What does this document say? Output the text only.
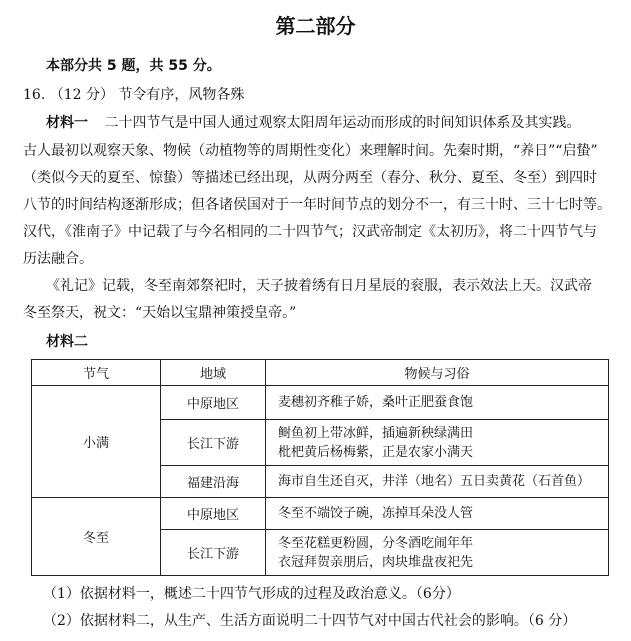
第二部分
本部分共 5 题，共 55 分。
16. （12 分） 节令有序，风物各殊
材料一 二十四节气是中国人通过观察太阳周年运动而形成的时间知识体系及其实践。
古人最初以观察天象、物候（动植物等的周期性变化）来理解时间。先秦时期，“养日”“启蛰”
（类似今天的夏至、惊蛰）等描述已经出现，从两分两至（春分、秋分、夏至、冬至）到四时
八节的时间结构逐渐形成；但各诸侯国对于一年时间节点的划分不一，有三十时、三十七时等。
汉代，《淮南子》中记载了与今名相同的二十四节气；汉武帝制定《太初历》，将二十四节气与
历法融合。
《礼记》记载，冬至南郊祭祀时，天子披着绣有日月星辰的衮服，表示效法上天。汉武帝
冬至祭天，祝文：“天始以宝鼎神策授皇帝。”
材料二
节气	地域	物候与习俗
小满	中原地区	麦穗初齐稚子娇，桑叶正肥蚕食饱

	长江下游	鲥鱼初上带冰鲜，插遍新秧绿满田
枇杷黄后杨梅紫，正是农家小满天

	福建沿海	海市自生还自灭，井洋（地名）五日卖黄花（石首鱼）

冬至	中原地区	冬至不端饺子碗，冻掉耳朵没人管

	长江下游	冬至花糕更粉圆，分冬酒吃闹年年
衣冠拜贺亲朋后，肉块堆盘夜祀先
（1）依据材料一，概述二十四节气形成的过程及政治意义。（6分）
（2）依据材料二，从生产、生活方面说明二十四节气对中国古代社会的影响。（6 分）
